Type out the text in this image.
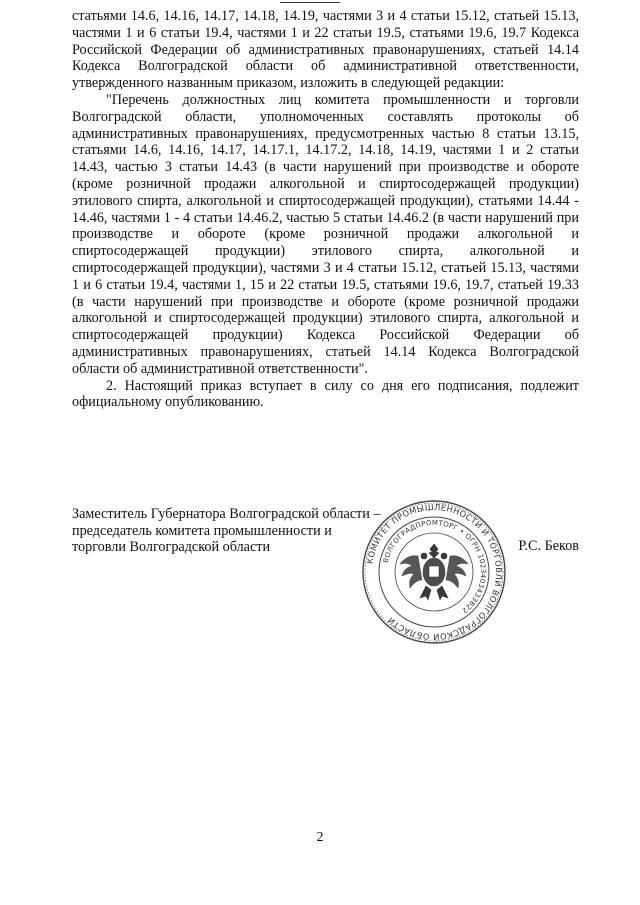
статьями 14.6, 14.16, 14.17, 14.18, 14.19, частями 3 и 4 статьи 15.12, статьей 15.13, частями 1 и 6 статьи 19.4, частями 1 и 22 статьи 19.5, статьями 19.6, 19.7 Кодекса Российской Федерации об административных правонарушениях, статьей 14.14 Кодекса Волгоградской области об административной ответственности, утвержденного названным приказом, изложить в следующей редакции:

"Перечень должностных лиц комитета промышленности и торговли Волгоградской области, уполномоченных составлять протоколы об административных правонарушениях, предусмотренных частью 8 статьи 13.15, статьями 14.6, 14.16, 14.17, 14.17.1, 14.17.2, 14.18, 14.19, частями 1 и 2 статьи 14.43, частью 3 статьи 14.43 (в части нарушений при производстве и обороте (кроме розничной продажи алкогольной и спиртосодержащей продукции) этилового спирта, алкогольной и спиртосодержащей продукции), статьями 14.44 - 14.46, частями 1 - 4 статьи 14.46.2, частью 5 статьи 14.46.2 (в части нарушений при производстве и обороте (кроме розничной продажи алкогольной и спиртосодержащей продукции) этилового спирта, алкогольной и спиртосодержащей продукции), частями 3 и 4 статьи 15.12, статьей 15.13, частями 1 и 6 статьи 19.4, частями 1, 15 и 22 статьи 19.5, статьями 19.6, 19.7, статьей 19.33 (в части нарушений при производстве и обороте (кроме розничной продажи алкогольной и спиртосодержащей продукции) этилового спирта, алкогольной и спиртосодержащей продукции) Кодекса Российской Федерации об административных правонарушениях, статьей 14.14 Кодекса Волгоградской области об административной ответственности".

2. Настоящий приказ вступает в силу со дня его подписания, подлежит официальному опубликованию.

Заместитель Губернатора Волгоградской области –
председатель комитета промышленности и
торговли Волгоградской области	Р.С. Беков
КОМИТЕТ ПРОМЫШЛЕННОСТИ И ТОРГОВЛИ ВОЛГОГРАДСКОЙ ОБЛАСТИ
ВОЛГОГРАДПРОМТОРГ • ОГРН 1023403433822
2
